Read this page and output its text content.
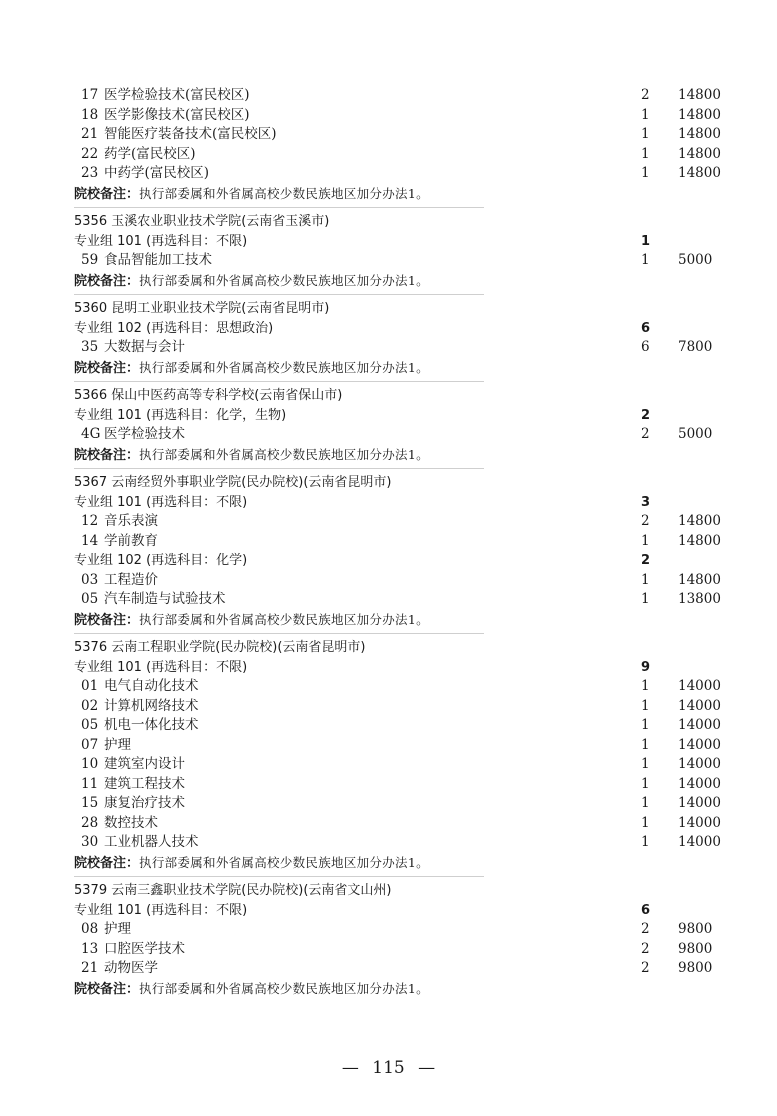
17 医学检验技术(富民校区)	2 14800
18 医学影像技术(富民校区)	1 14800
21 智能医疗装备技术(富民校区)	1 14800
22 药学(富民校区)	1 14800
23 中药学(富民校区)	1 14800
院校备注：执行部委属和外省属高校少数民族地区加分办法1。
5356 玉溪农业职业技术学院(云南省玉溪市)
专业组 101 (再选科目：不限)	1
59 食品智能加工技术	1 5000
院校备注：执行部委属和外省属高校少数民族地区加分办法1。
5360 昆明工业职业技术学院(云南省昆明市)
专业组 102 (再选科目：思想政治)	6
35 大数据与会计	6 7800
院校备注：执行部委属和外省属高校少数民族地区加分办法1。
5366 保山中医药高等专科学校(云南省保山市)
专业组 101 (再选科目：化学，生物)	2
4G 医学检验技术	2 5000
院校备注：执行部委属和外省属高校少数民族地区加分办法1。
5367 云南经贸外事职业学院(民办院校)(云南省昆明市)
专业组 101 (再选科目：不限)	3
12 音乐表演	2 14800
14 学前教育	1 14800
专业组 102 (再选科目：化学)	2
03 工程造价	1 14800
05 汽车制造与试验技术	1 13800
院校备注：执行部委属和外省属高校少数民族地区加分办法1。
5376 云南工程职业学院(民办院校)(云南省昆明市)
专业组 101 (再选科目：不限)	9
01 电气自动化技术	1 14000
02 计算机网络技术	1 14000
05 机电一体化技术	1 14000
07 护理	1 14000
10 建筑室内设计	1 14000
11 建筑工程技术	1 14000
15 康复治疗技术	1 14000
28 数控技术	1 14000
30 工业机器人技术	1 14000
院校备注：执行部委属和外省属高校少数民族地区加分办法1。
5379 云南三鑫职业技术学院(民办院校)(云南省文山州)
专业组 101 (再选科目：不限)	6
08 护理	2 9800
13 口腔医学技术	2 9800
21 动物医学	2 9800
院校备注：执行部委属和外省属高校少数民族地区加分办法1。
— 115 —
